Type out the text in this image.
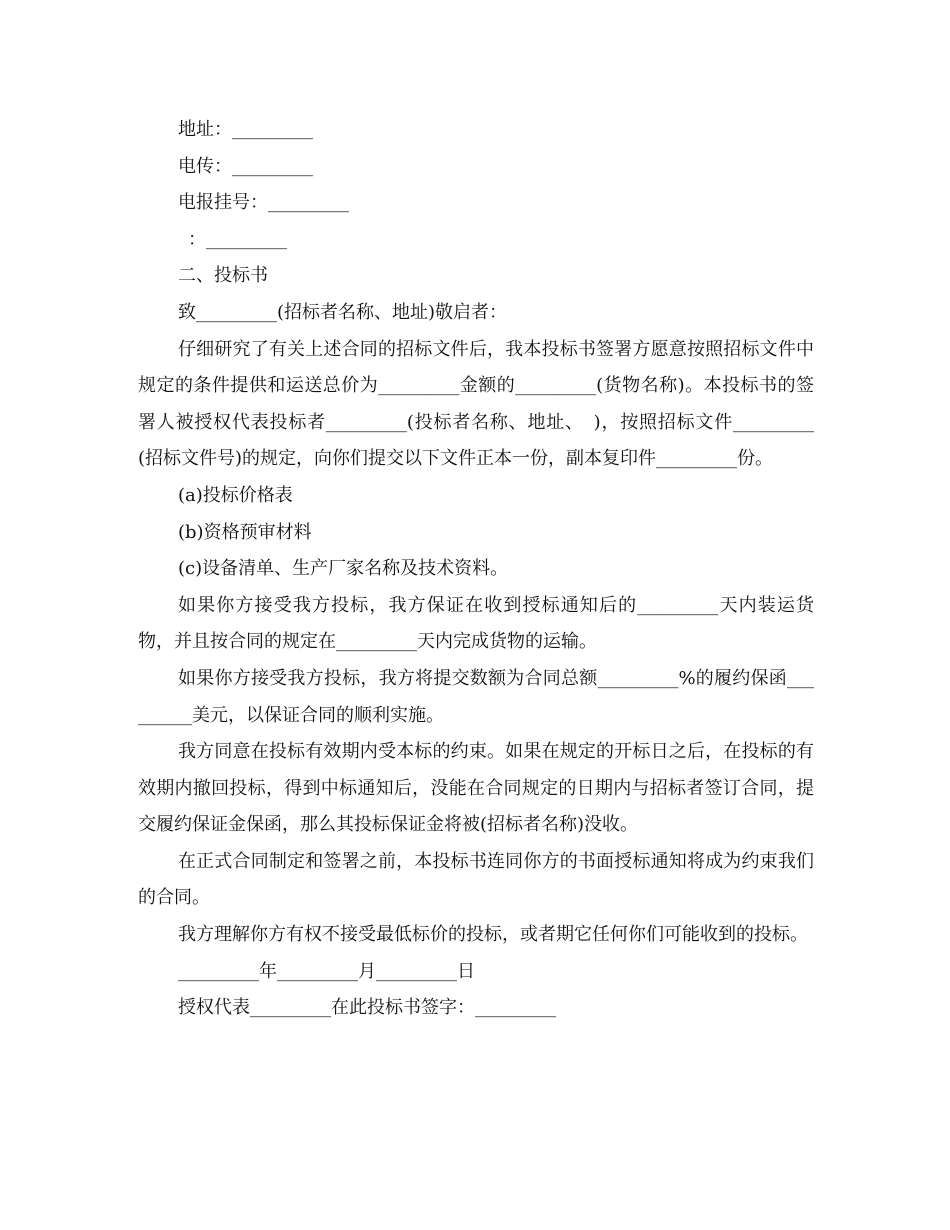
地址：_________

电传：_________

电报挂号：_________

：_________

二、投标书

致_________(招标者名称、地址)敬启者：

仔细研究了有关上述合同的招标文件后，我本投标书签署方愿意按照招标文件中规定的条件提供和运送总价为_________金额的_________(货物名称)。本投标书的签署人被授权代表投标者_________(投标者名称、地址、　)，按照招标文件_________(招标文件号)的规定，向你们提交以下文件正本一份，副本复印件_________份。

(a)投标价格表

(b)资格预审材料

(c)设备清单、生产厂家名称及技术资料。

如果你方接受我方投标，我方保证在收到授标通知后的_________天内装运货物，并且按合同的规定在_________天内完成货物的运输。

如果你方接受我方投标，我方将提交数额为合同总额_________%的履约保函_________美元，以保证合同的顺利实施。

我方同意在投标有效期内受本标的约束。如果在规定的开标日之后，在投标的有效期内撤回投标，得到中标通知后，没能在合同规定的日期内与招标者签订合同，提交履约保证金保函，那么其投标保证金将被(招标者名称)没收。

在正式合同制定和签署之前，本投标书连同你方的书面授标通知将成为约束我们的合同。

我方理解你方有权不接受最低标价的投标，或者期它任何你们可能收到的投标。

_________年_________月_________日

授权代表_________在此投标书签字：_________
